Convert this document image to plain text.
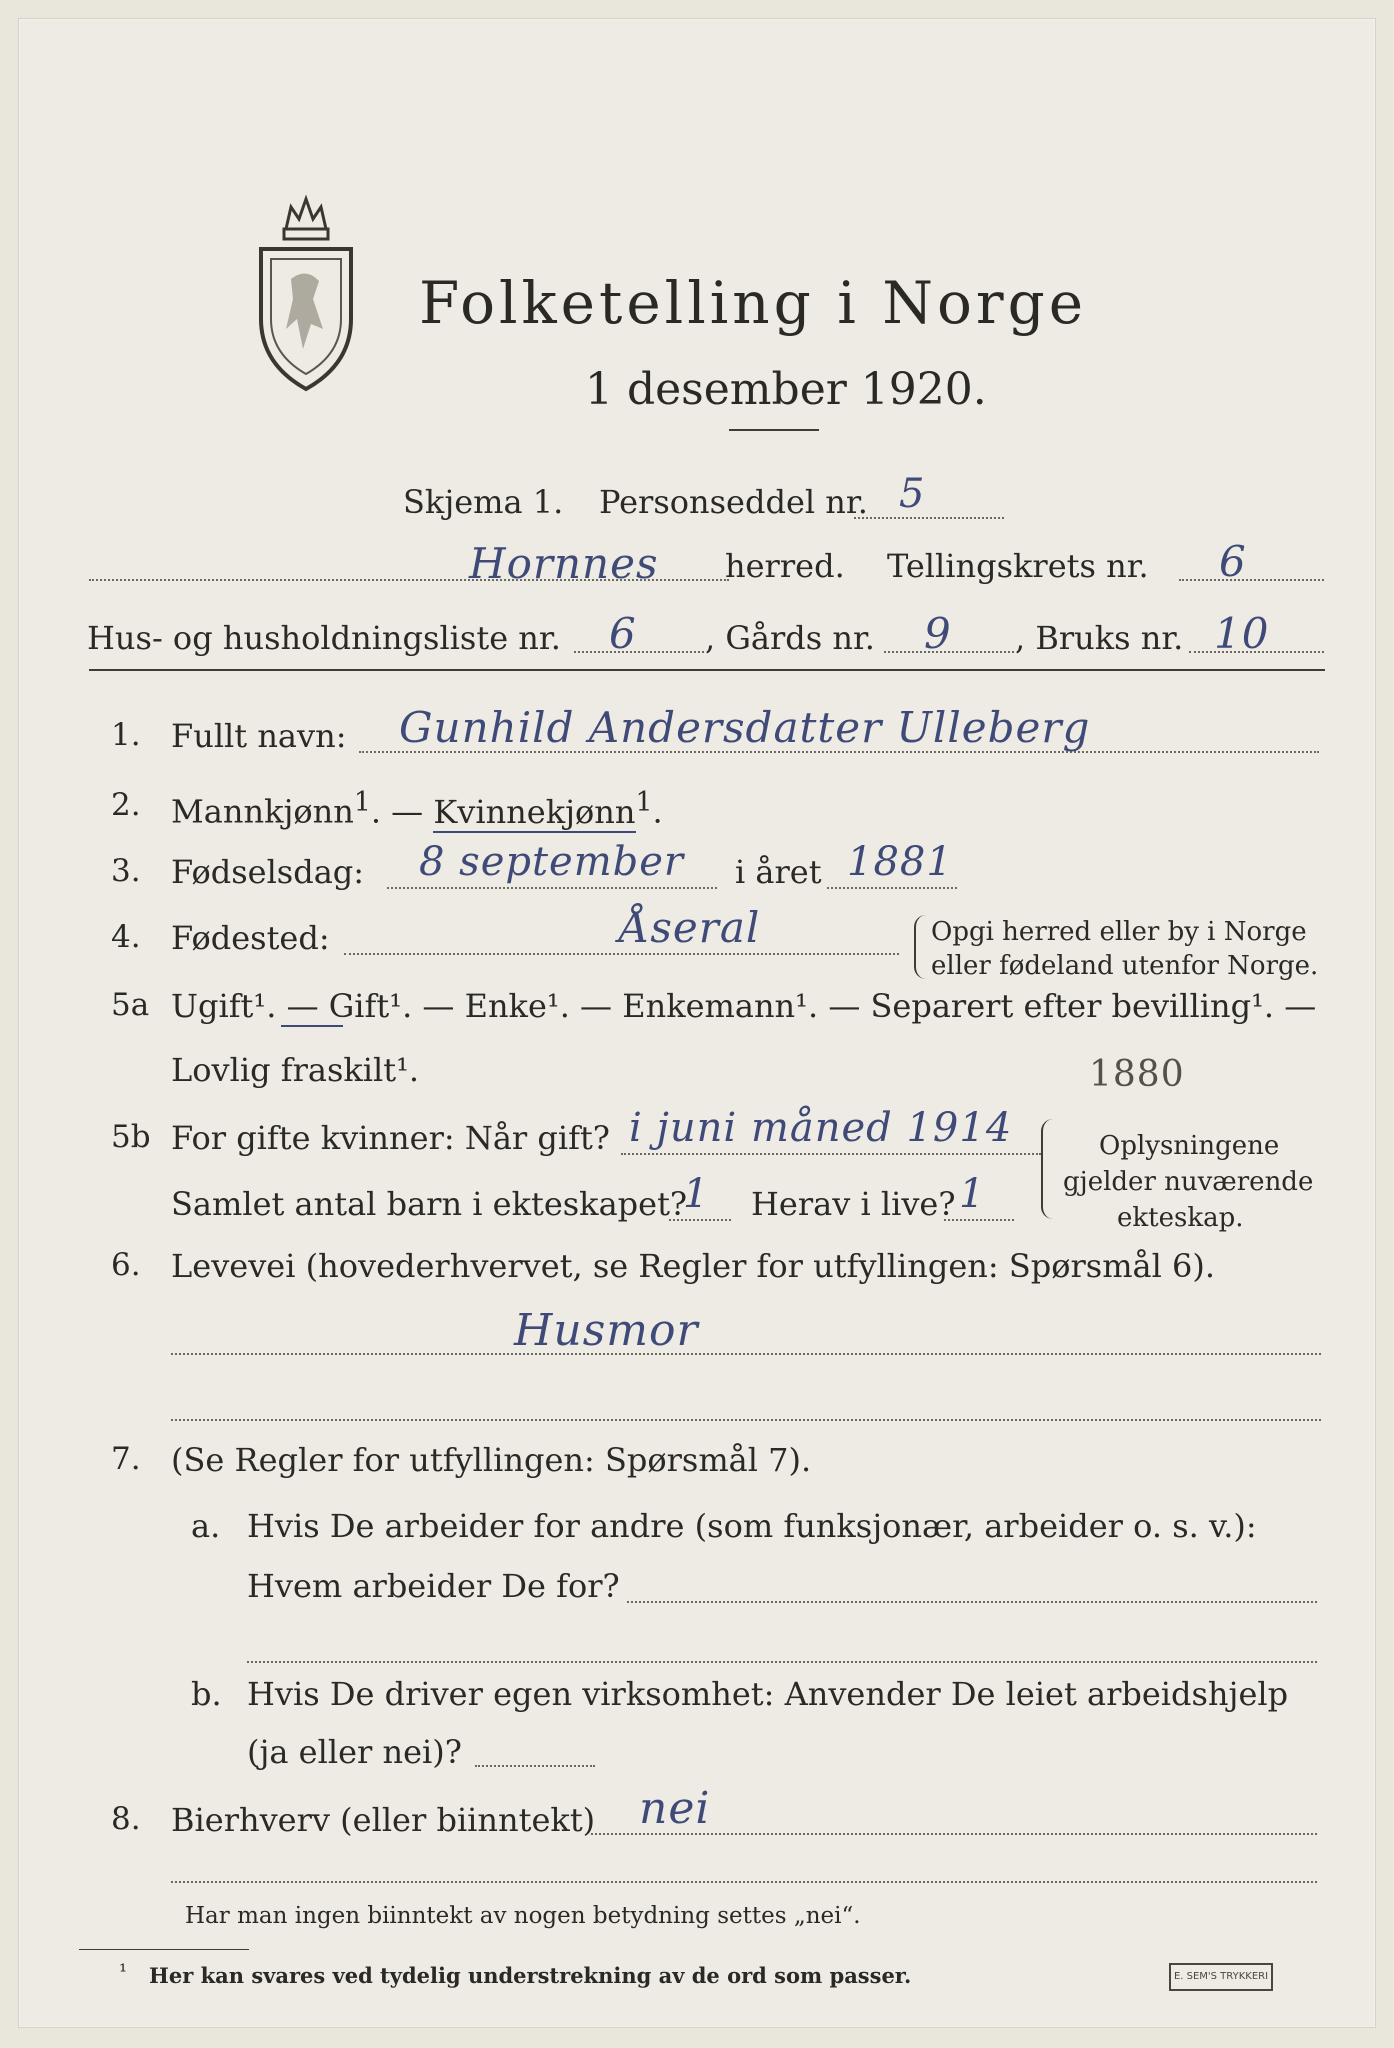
Folketelling i Norge
1 desember 1920.
Skjema 1. Personseddel nr. 5
Hornnes herred. Tellingskrets nr. 6
Hus- og husholdningsliste nr. 6 , Gårds nr. 9 , Bruks nr. 10
1. Fullt navn: Gunhild Andersdatter Ulleberg
2. Mannkjønn$^1$. — Kvinnekjønn$^1$.
3. Fødselsdag: 8 september i året 1881
4. Fødested:	Åseral	Opgi herred eller by i Norge
eller fødeland utenfor Norge.
5a Ugift¹. — Gift¹. — Enke¹. — Enkemann¹. — Separert efter bevilling¹. —
Lovlig fraskilt¹.	1880
5b For gifte kvinner: Når gift? i juni måned 1914
Samlet antal barn i ekteskapet?
1 Herav i live? 1
Oplysningene
gjelder nuværende
ekteskap.
6. Levevei (hovederhvervet, se Regler for utfyllingen: Spørsmål 6).
Husmor
7. (Se Regler for utfyllingen: Spørsmål 7).
a. Hvis De arbeider for andre (som funksjonær, arbeider o. s. v.):
Hvem arbeider De for?
b. Hvis De driver egen virksomhet: Anvender De leiet arbeidshjelp
(ja eller nei)?
8. Bierhverv (eller biinntekt) nei
Har man ingen biinntekt av nogen betydning settes „nei“.
¹ Her kan svares ved tydelig understrekning av de ord som passer.	E. SEM'S TRYKKERI
